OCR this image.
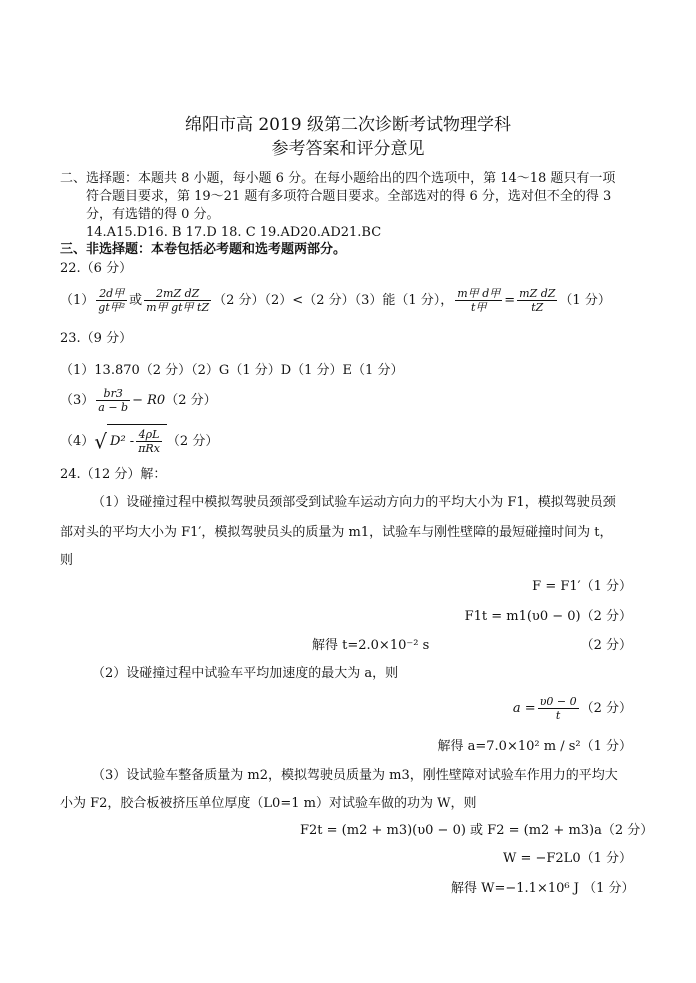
绵阳市高 2019 级第二次诊断考试物理学科
参考答案和评分意见
二、选择题：本题共 8 小题，每小题 6 分。在每小题给出的四个选项中，第 14～18 题只有一项
符合题目要求，第 19～21 题有多项符合题目要求。全部选对的得 6 分，选对但不全的得 3
分，有选错的得 0 分。
14.A15.D16. B 17.D 18. C 19.AD20.AD21.BC
三、非选择题：本卷包括必考题和选考题两部分。
22.（6 分）
$(1) \frac{\text{2d甲}}{\text{gt甲²}}$ 或 $\frac{\text{2mZ dZ}}{\text{m甲 gt甲 tZ}} (2$ 分）（2）<（2 分）（3）能（1 分）， $\frac{\text{m甲 d甲}}{\text{t甲}} = \frac{\text{mZ dZ}}{tZ} (1$ 分）
23.（9 分）
（1）13.870（2 分）（2）G（1 分）D（1 分）E（1 分）
$(3) \frac{br3}{a - b} - R0(2$ 分）
（4）√ $D^2 - \frac{4\rho L}{\text{πRx}} (2$ 分）
24.（12 分）解：
（1）设碰撞过程中模拟驾驶员颈部受到试验车运动方向力的平均大小为 F1，模拟驾驶员颈
部对头的平均大小为 F1′，模拟驾驶员头的质量为 m1，试验车与刚性壁障的最短碰撞时间为 t，
则
F = F1′（1 分）
F1t = m1(υ0 − 0)（2 分）
解得 t=2.0×10⁻² s	（2 分）
（2）设碰撞过程中试验车平均加速度的最大为 a，则
$a = \frac{\upsilon 0 - 0}{t} (2$ 分）
解得 a=7.0×10² m / s²（1 分）
（3）设试验车整备质量为 m2，模拟驾驶员质量为 m3，刚性壁障对试验车作用力的平均大
小为 F2，胶合板被挤压单位厚度（L0=1 m）对试验车做的功为 W，则
F2t = (m2 + m3)(υ0 − 0) 或 F2 = (m2 + m3)a（2 分）
W = −F2L0（1 分）
解得 W=−1.1×10⁶ J （1 分）
